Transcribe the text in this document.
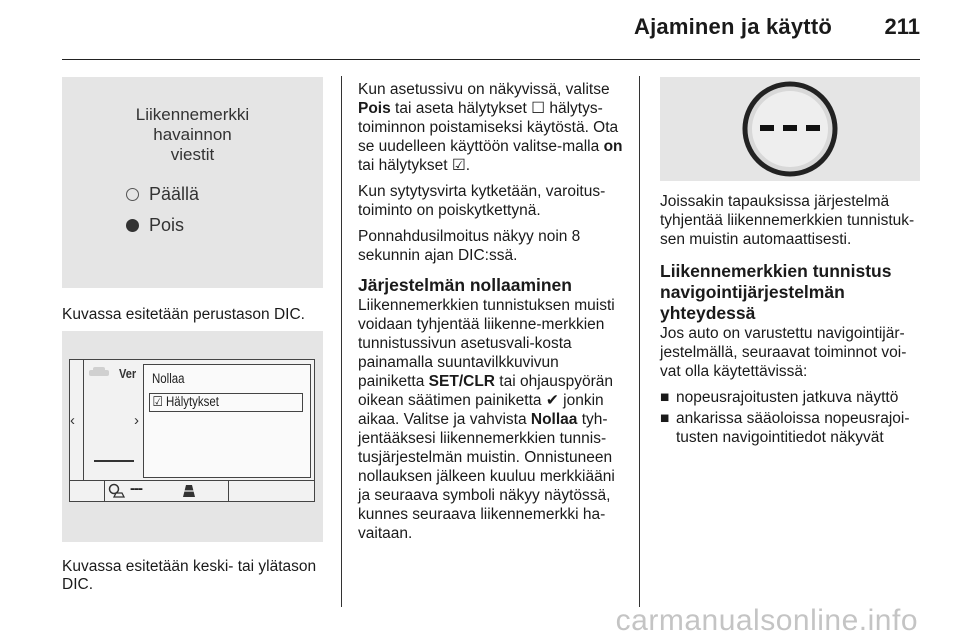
Ajaminen ja käyttö 211
Liikennemerkki
havainnon
viestit
Päällä
Pois
Kuvassa esitetään perustason DIC.
‹	›
Ver Nollaa
☑ Hälytykset
---
Kuvassa esitetään keski- tai ylätason DIC.

Kun asetussivu on näkyvissä, valitse Pois tai aseta hälytykset ☐ hälytys-toiminnon poistamiseksi käytöstä. Ota se uudelleen käyttöön valitse-malla on tai hälytykset ☑.

Kun sytytysvirta kytketään, varoitus-toiminto on poiskytkettynä.

Ponnahdusilmoitus näkyy noin 8 sekunnin ajan DIC:ssä.

Järjestelmän nollaaminen

Liikennemerkkien tunnistuksen muisti voidaan tyhjentää liikenne-merkkien tunnistussivun asetusvali-kosta painamalla suuntavilkkuvivun painiketta SET/CLR tai ohjauspyörän oikean säätimen painiketta ✔ jonkin aikaa. Valitse ja vahvista Nollaa tyh-jentääksesi liikennemerkkien tunnis-tusjärjestelmän muistin. Onnistuneen nollauksen jälkeen kuuluu merkkiääni ja seuraava symboli näkyy näytössä, kunnes seuraava liikennemerkki ha-vaitaan.

Joissakin tapauksissa järjestelmä tyhjentää liikennemerkkien tunnistuk-sen muistin automaattisesti.

Liikennemerkkien tunnistus navigointijärjestelmän yhteydessä

Jos auto on varustettu navigointijär-jestelmällä, seuraavat toiminnot voi-vat olla käytettävissä:

■ nopeusrajoitusten jatkuva näyttö
■ ankarissa sääoloissa nopeusrajoi-tusten navigointitiedot näkyvät
carmanualsonline.info
